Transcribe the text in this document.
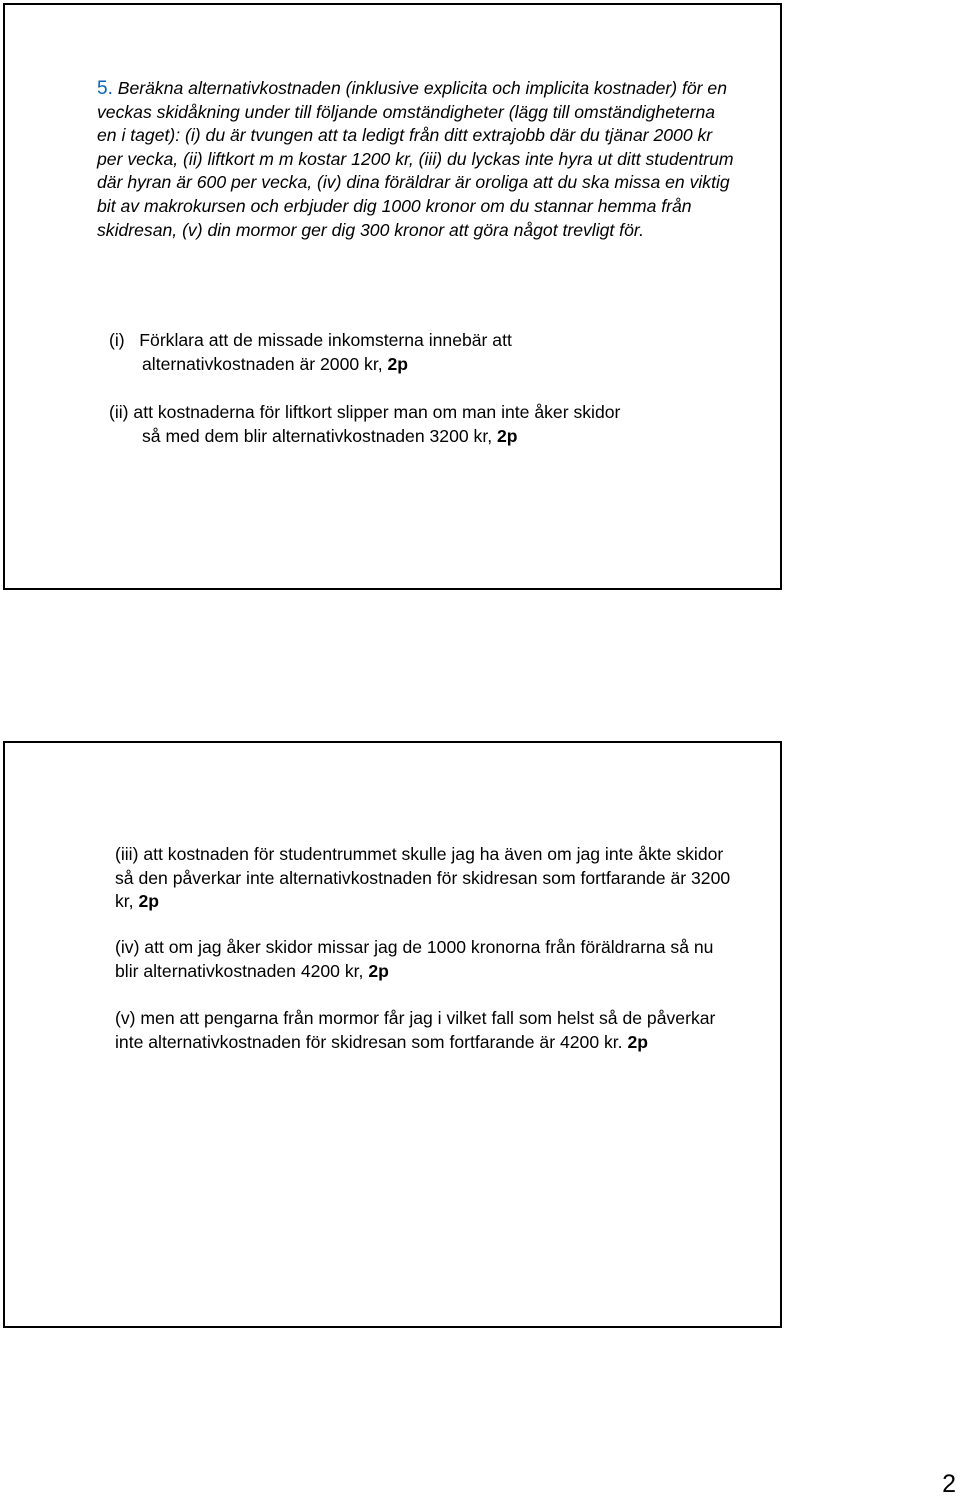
5. Beräkna alternativkostnaden (inklusive explicita och implicita kostnader) för en veckas skidåkning under till följande omständigheter (lägg till omständigheterna en i taget): (i) du är tvungen att ta ledigt från ditt extrajobb där du tjänar 2000 kr per vecka, (ii) liftkort m m kostar 1200 kr, (iii) du lyckas inte hyra ut ditt studentrum där hyran är 600 per vecka, (iv) dina föräldrar är oroliga att du ska missa en viktig bit av makrokursen och erbjuder dig 1000 kronor om du stannar hemma från skidresan, (v) din mormor ger dig 300 kronor att göra något trevligt för.

(i)   Förklara att de missade inkomsterna innebär att
alternativkostnaden är 2000 kr, 2p

(ii) att kostnaderna för liftkort slipper man om man inte åker skidor
så med dem blir alternativkostnaden 3200 kr, 2p

(iii) att kostnaden för studentrummet skulle jag ha även om jag inte åkte skidor så den påverkar inte alternativkostnaden för skidresan som fortfarande är 3200 kr, 2p

(iv) att om jag åker skidor missar jag de 1000 kronorna från föräldrarna så nu blir alternativkostnaden 4200 kr, 2p

(v) men att pengarna från mormor får jag i vilket fall som helst så de påverkar inte alternativkostnaden för skidresan som fortfarande är 4200 kr. 2p

2
